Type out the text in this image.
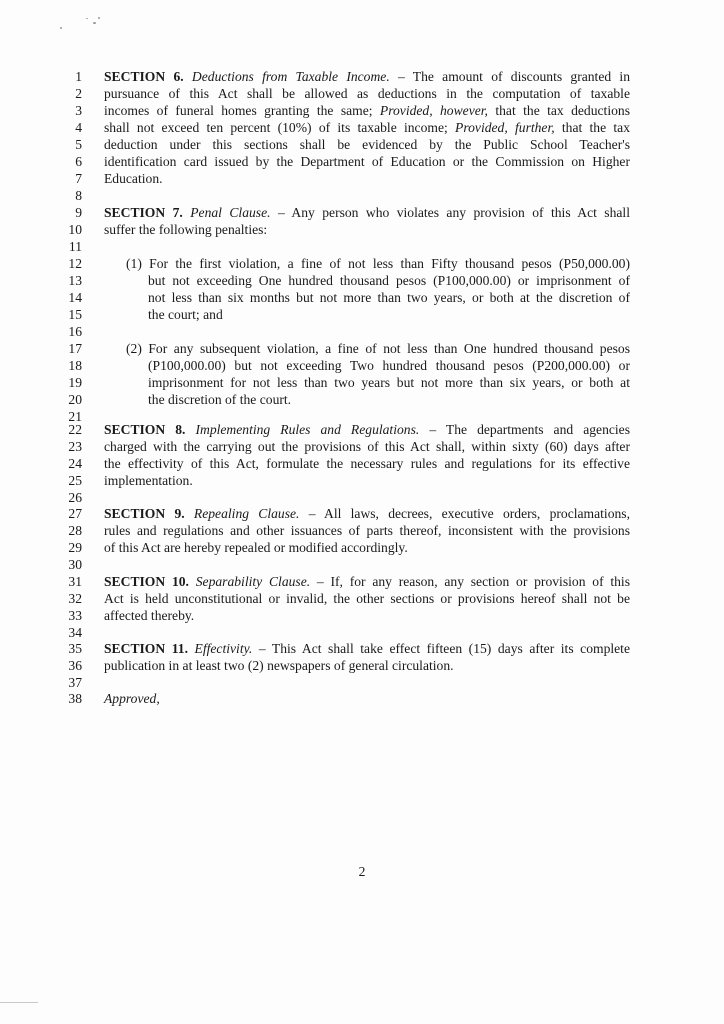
1 SECTION 6. Deductions from Taxable Income. – The amount of discounts granted in
2 pursuance of this Act shall be allowed as deductions in the computation of taxable
3 incomes of funeral homes granting the same; Provided, however, that the tax deductions
4 shall not exceed ten percent (10%) of its taxable income; Provided, further, that the tax
5 deduction under this sections shall be evidenced by the Public School Teacher's
6 identification card issued by the Department of Education or the Commission on Higher
7 Education.
8
9 SECTION 7. Penal Clause. – Any person who violates any provision of this Act shall
10 suffer the following penalties:
11
12	(1) For the first violation, a fine of not less than Fifty thousand pesos (P50,000.00)
13	but not exceeding One hundred thousand pesos (P100,000.00) or imprisonment of
14	not less than six months but not more than two years, or both at the discretion of
15	the court; and
16
17	(2) For any subsequent violation, a fine of not less than One hundred thousand pesos
18	(P100,000.00) but not exceeding Two hundred thousand pesos (P200,000.00) or
19	imprisonment for not less than two years but not more than six years, or both at
20	the discretion of the court.
21
22 SECTION 8. Implementing Rules and Regulations. – The departments and agencies
23 charged with the carrying out the provisions of this Act shall, within sixty (60) days after
24 the effectivity of this Act, formulate the necessary rules and regulations for its effective
25 implementation.
26
27 SECTION 9. Repealing Clause. – All laws, decrees, executive orders, proclamations,
28 rules and regulations and other issuances of parts thereof, inconsistent with the provisions
29 of this Act are hereby repealed or modified accordingly.
30
31 SECTION 10. Separability Clause. – If, for any reason, any section or provision of this
32 Act is held unconstitutional or invalid, the other sections or provisions hereof shall not be
33 affected thereby.
34
35 SECTION 11. Effectivity. – This Act shall take effect fifteen (15) days after its complete
36 publication in at least two (2) newspapers of general circulation.
37
38 Approved,
2
